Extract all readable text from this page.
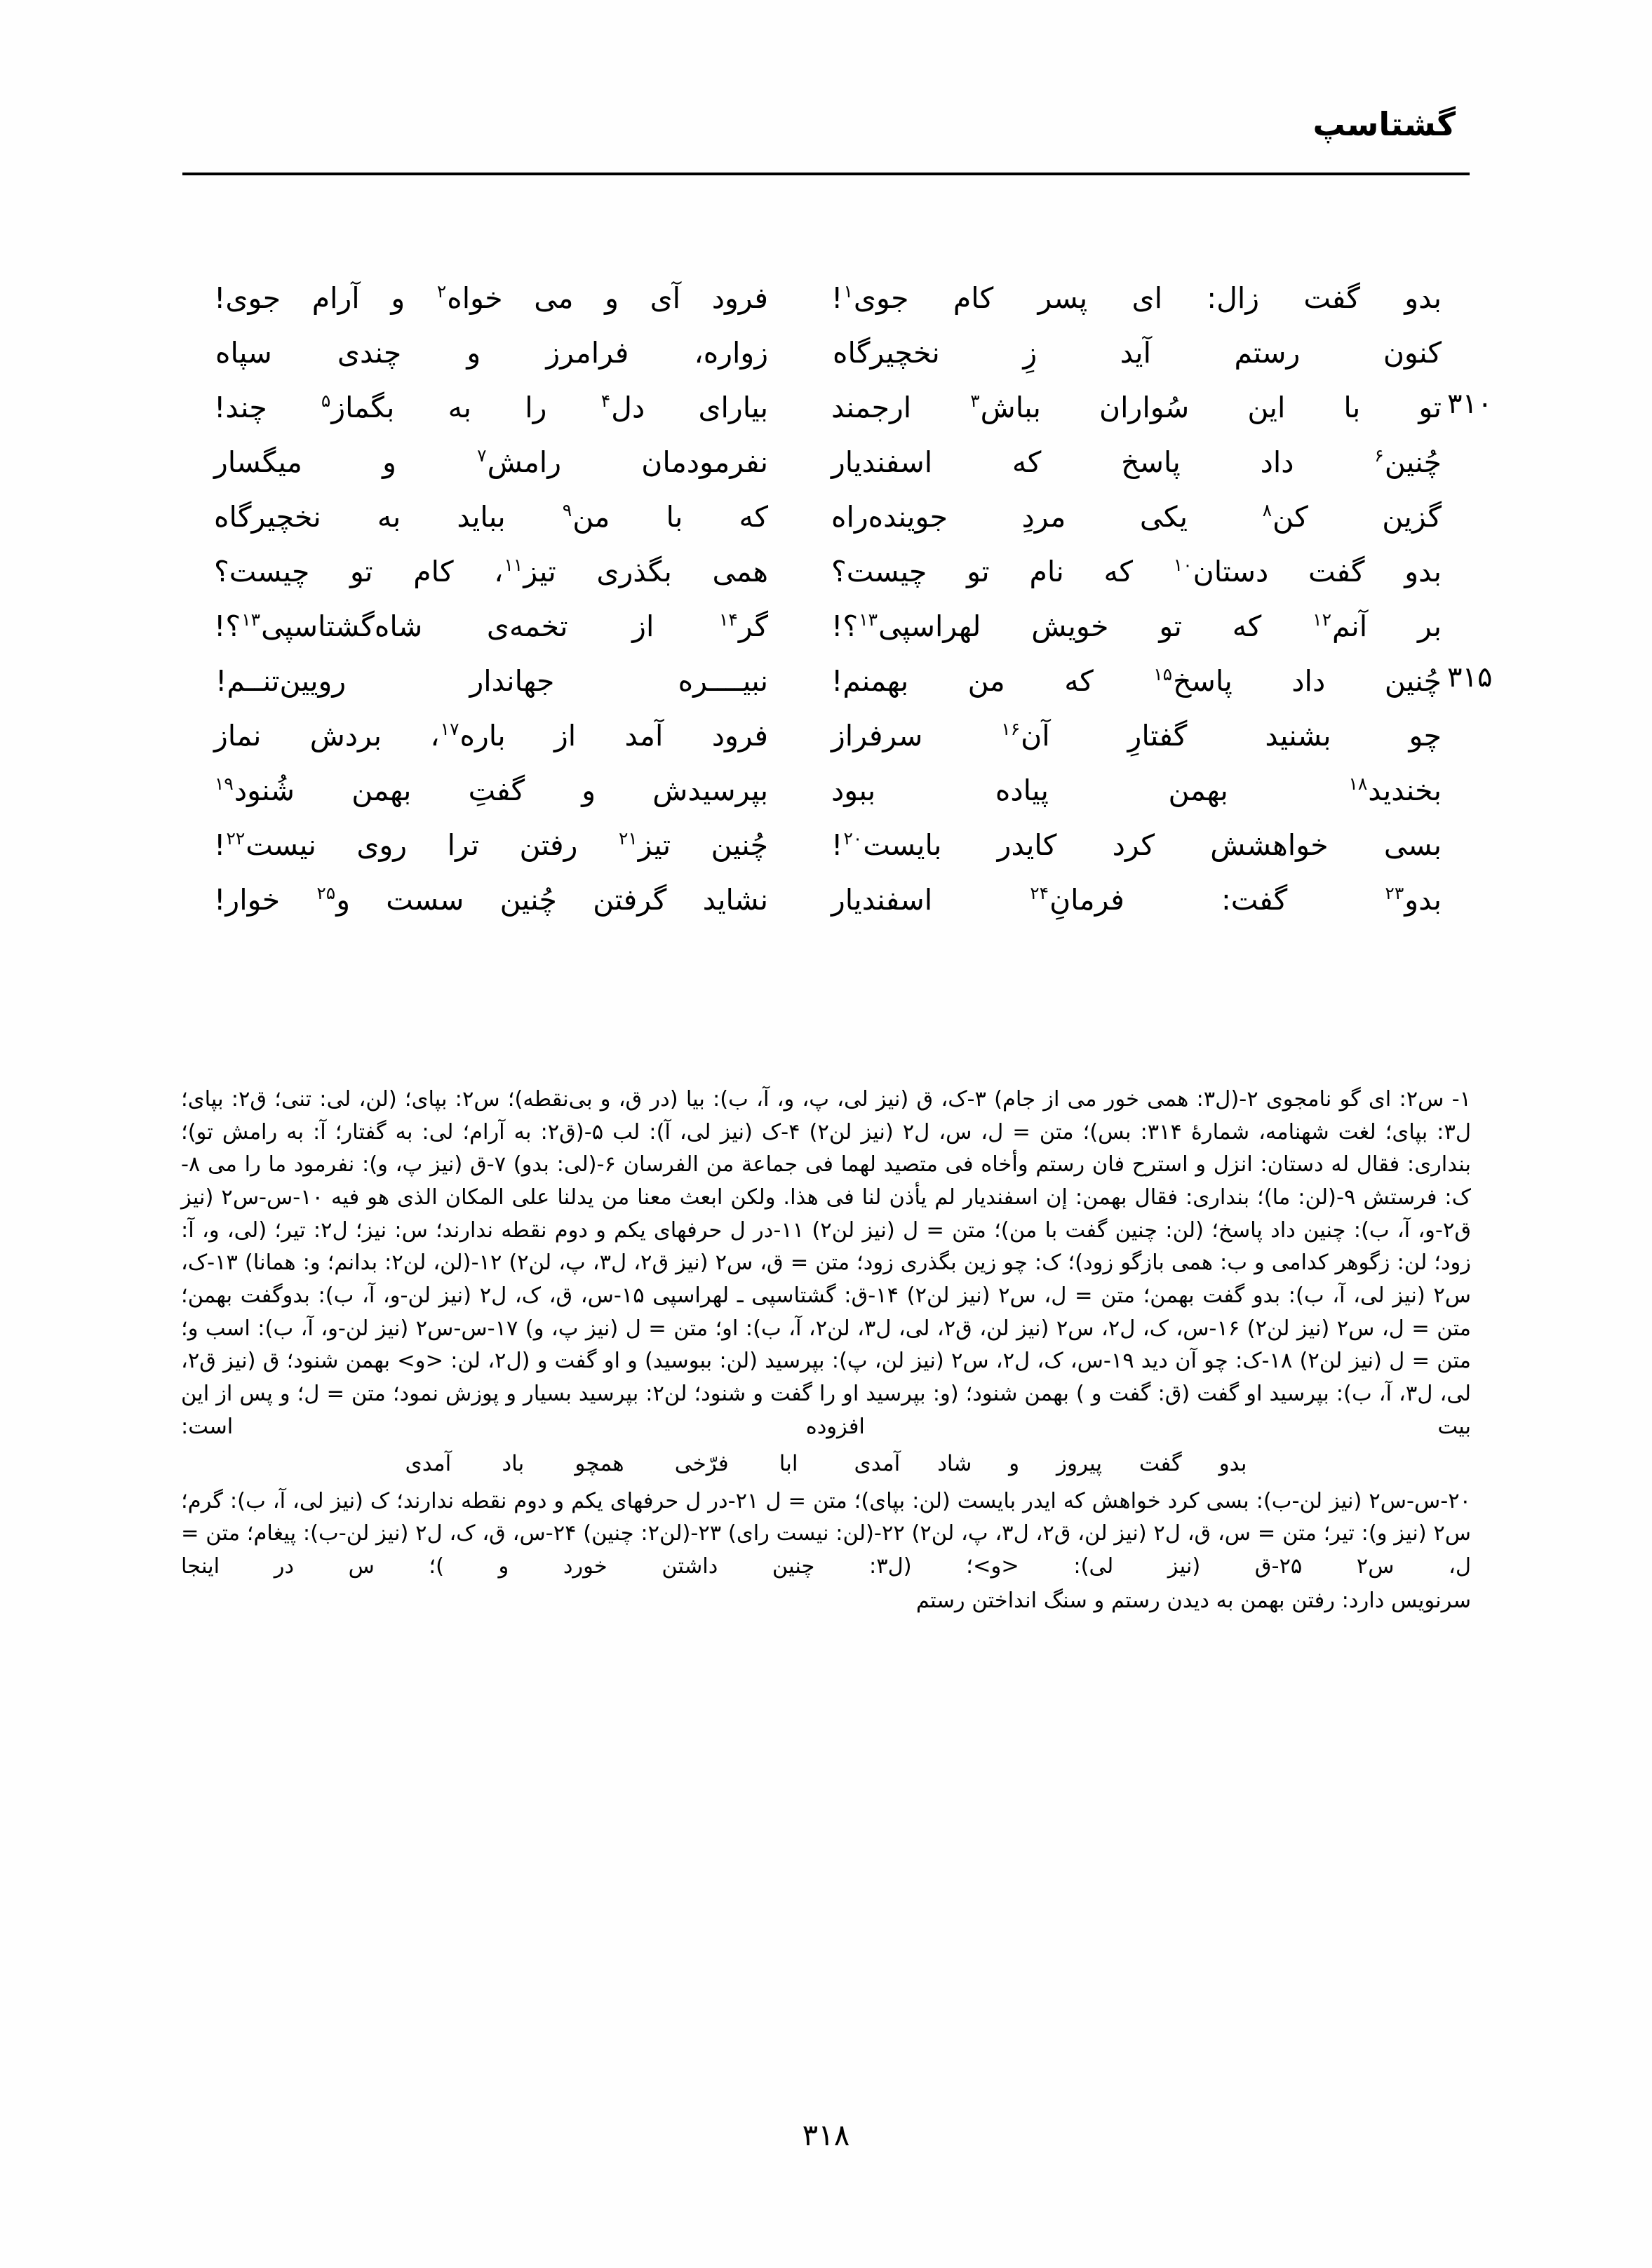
گشتاسپ
بدو گفت زال: ای پسر کام جوی$^۱$!
فرود آی و می خواه$^۲$ و آرام جوی!
کنون رستم آید زِ نخچیرگاه
زواره، فرامرز و چندی سپاه
۳۱۰
تو با این سُواران بباش$^۳$ ارجمند
بیارای دل$^۴$ را به بگماز$^۵$ چند!
چُنین$^۶$ داد پاسخ که اسفندیار
نفرمودمان رامش$^۷$ و میگسار
گزین کن$^۸$ یکی مردِ جوینده‌راه
که با من$^۹$ بباید به نخچیرگاه
بدو گفت دستان$^{۱۰}$ که نام تو چیست؟
همی بگذری تیز$^{۱۱}$، کام تو چیست؟
بر آنم$^{۱۲}$ که تو خویش لهراسپی$^{۱۳}$؟!
گر$^{۱۴}$ از تخمه‌ی شاه‌گشتاسپی$^{۱۳}$؟!
۳۱۵
چُنین داد پاسخ$^{۱۵}$ که من بهمنم!
نبیــــره جهاندار رویین‌تنــم!
چو بشنید گفتارِ آن$^{۱۶}$ سرفراز
فرود آمد از باره$^{۱۷}$، بردش نماز
بخندید$^{۱۸}$ بهمن پیاده ببود
بپرسیدش و گفتِ بهمن شُنود$^{۱۹}$
بسی خواهشش کرد کایدر بایست$^{۲۰}$!
چُنین تیز$^{۲۱}$ رفتن ترا روی نیست$^{۲۲}$!
بدو$^{۲۳}$ گفت: فرمانِ$^{۲۴}$ اسفندیار
نشاید گرفتن چُنین سست و$^{۲۵}$ خوار!
۱- س۲: ای گو نامجوی ۲-(ل۳: همی خور می از جام) ۳-ک، ق (نیز لی، پ، و، آ، ب): بیا (در ق، و بی‌نقطه)؛ س۲: بپای؛ (لن، لی: تنی؛ ق۲: بپای؛ ل۳: بپای؛ لغت شهنامه، شمارهٔ ۳۱۴: بس)؛ متن = ل، س، ل۲ (نیز لن۲) ۴-ک (نیز لی، آ): لب ۵-(ق۲: به آرام؛ لی: به گفتار؛ آ: به رامش تو)؛ بنداری: فقال له دستان: انزل و استرح فان رستم وأخاه فی متصید لهما فی جماعة من الفرسان ۶-(لی: بدو) ۷-ق (نیز پ، و): نفرمود ما را می ۸-ک: فرستش ۹-(لن: ما)؛ بنداری: فقال بهمن: إن اسفندیار لم یأذن لنا فی هذا. ولکن ابعث معنا من یدلنا علی المکان الذی هو فیه ۱۰-س-س۲ (نیز ق۲-و، آ، ب): چنین داد پاسخ؛ (لن: چنین گفت با من)؛ متن = ل (نیز لن۲) ۱۱-در ل حرفهای یکم و دوم نقطه ندارند؛ س: نیز؛ ل۲: تیر؛ (لی، و، آ: زود؛ لن: زگوهر کدامی و ب: همی بازگو زود)؛ ک: چو زین بگذری زود؛ متن = ق، س۲ (نیز ق۲، ل۳، پ، لن۲) ۱۲-(لن، لن۲: بدانم؛ و: همانا) ۱۳-ک، س۲ (نیز لی، آ، ب): بدو گفت بهمن؛ متن = ل، س۲ (نیز لن۲) ۱۴-ق: گشتاسپی ـ لهراسپی ۱۵-س، ق، ک، ل۲ (نیز لن-و، آ، ب): بدوگفت بهمن؛ متن = ل، س۲ (نیز لن۲) ۱۶-س، ک، ل۲، س۲ (نیز لن، ق۲، لی، ل۳، لن۲، آ، ب): او؛ متن = ل (نیز پ، و) ۱۷-س-س۲ (نیز لن-و، آ، ب): اسب و؛ متن = ل (نیز لن۲) ۱۸-ک: چو آن دید ۱۹-س، ک، ل۲، س۲ (نیز لن، پ): بپرسید (لن: ببوسید) و او گفت و (ل۲، لن: <و> بهمن شنود؛ ق (نیز ق۲، لی، ل۳، آ، ب): بپرسید او گفت (ق: گفت و ) بهمن شنود؛ (و: بپرسید او را گفت و شنود؛ لن۲: بپرسید بسیار و پوزش نمود؛ متن = ل؛ و پس از این بیت افزوده است:
بدو گفت پیروز و شاد آمدیابا فرّخی همچو باد آمدی
۲۰-س-س۲ (نیز لن-ب): بسی کرد خواهش که ایدر بایست (لن: بپای)؛ متن = ل ۲۱-در ل حرفهای یکم و دوم نقطه ندارند؛ ک (نیز لی، آ، ب): گرم؛ س۲ (نیز و): تیر؛ متن = س، ق، ل۲ (نیز لن، ق۲، ل۳، پ، لن۲) ۲۲-(لن: نیست رای) ۲۳-(لن۲: چنین) ۲۴-س، ق، ک، ل۲ (نیز لن-ب): پیغام؛ متن = ل، س۲ ۲۵-ق (نیز لی): <و>؛ (ل۳: چنین داشتن خورد و )؛ س در اینجا
سرنویس دارد: رفتن بهمن به دیدن رستم و سنگ انداختن رستم
۳۱۸
